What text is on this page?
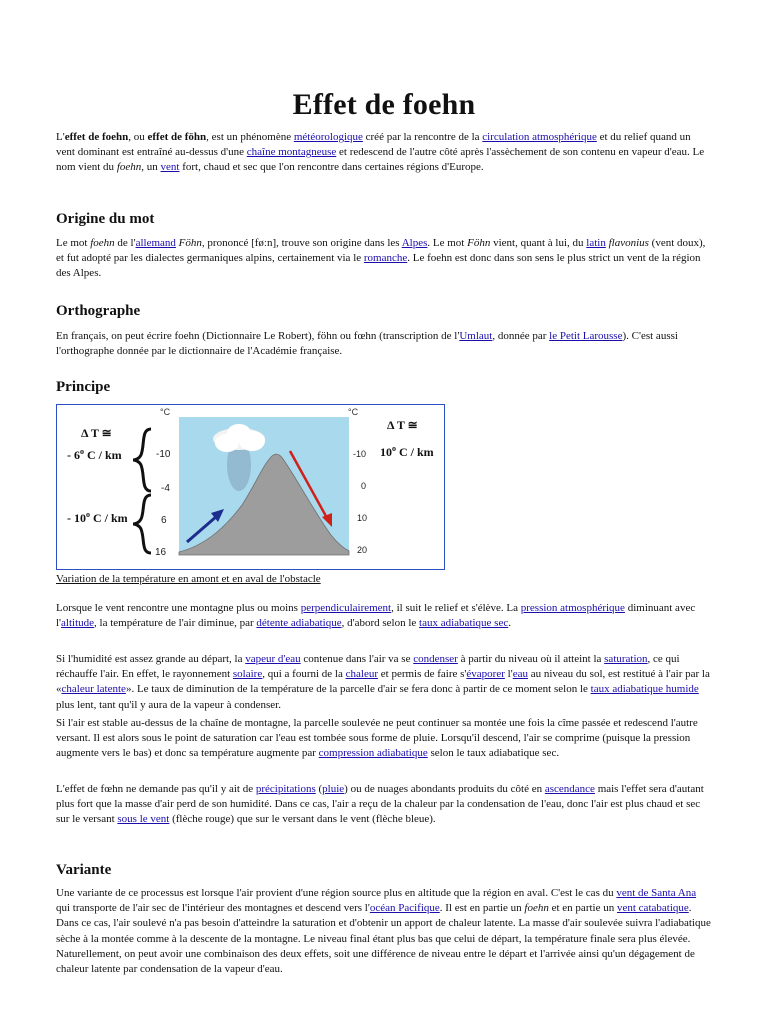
Effet de foehn

L'effet de foehn, ou effet de föhn, est un phénomène météorologique créé par la rencontre de la circulation atmosphérique et du relief quand un vent dominant est entraîné au-dessus d'une chaîne montagneuse et redescend de l'autre côté après l'assèchement de son contenu en vapeur d'eau. Le nom vient du foehn, un vent fort, chaud et sec que l'on rencontre dans certaines régions d'Europe.

Origine du mot

Le mot foehn de l'allemand Föhn, prononcé [føːn], trouve son origine dans les Alpes. Le mot Föhn vient, quant à lui, du latin flavonius (vent doux), et fut adopté par les dialectes germaniques alpins, certainement via le romanche. Le foehn est donc dans son sens le plus strict un vent de la région des Alpes.

Orthographe

En français, on peut écrire foehn (Dictionnaire Le Robert), föhn ou fœhn (transcription de l'Umlaut, donnée par le Petit Larousse). C'est aussi l'orthographe donnée par le dictionnaire de l'Académie française.

Principe
°C	°C
Δ T ≅
- 6$^o$ C / km
- 10$^o$ C / km
-10
-4
6
16
-10
0
10
20
Δ T ≅
10$^o$ C / km
Variation de la température en amont et en aval de l'obstacle

Lorsque le vent rencontre une montagne plus ou moins perpendiculairement, il suit le relief et s'élève. La pression atmosphérique diminuant avec l'altitude, la température de l'air diminue, par détente adiabatique, d'abord selon le taux adiabatique sec.

Si l'humidité est assez grande au départ, la vapeur d'eau contenue dans l'air va se condenser à partir du niveau où il atteint la saturation, ce qui réchauffe l'air. En effet, le rayonnement solaire, qui a fourni de la chaleur et permis de faire s'évaporer l'eau au niveau du sol, est restitué à l'air par la «chaleur latente». Le taux de diminution de la température de la parcelle d'air se fera donc à partir de ce moment selon le taux adiabatique humide plus lent, tant qu'il y aura de la vapeur à condenser.

Si l'air est stable au-dessus de la chaîne de montagne, la parcelle soulevée ne peut continuer sa montée une fois la cîme passée et redescend l'autre versant. Il est alors sous le point de saturation car l'eau est tombée sous forme de pluie. Lorsqu'il descend, l'air se comprime (puisque la pression augmente vers le bas) et donc sa température augmente par compression adiabatique selon le taux adiabatique sec.

L'effet de fœhn ne demande pas qu'il y ait de précipitations (pluie) ou de nuages abondants produits du côté en ascendance mais l'effet sera d'autant plus fort que la masse d'air perd de son humidité. Dans ce cas, l'air a reçu de la chaleur par la condensation de l'eau, donc l'air est plus chaud et sec sur le versant sous le vent (flèche rouge) que sur le versant dans le vent (flèche bleue).

Variante

Une variante de ce processus est lorsque l'air provient d'une région source plus en altitude que la région en aval. C'est le cas du vent de Santa Ana qui transporte de l'air sec de l'intérieur des montagnes et descend vers l'océan Pacifique. Il est en partie un foehn et en partie un vent catabatique. Dans ce cas, l'air soulevé n'a pas besoin d'atteindre la saturation et d'obtenir un apport de chaleur latente. La masse d'air soulevée suivra l'adiabatique sèche à la montée comme à la descente de la montagne. Le niveau final étant plus bas que celui de départ, la température finale sera plus élevée. Naturellement, on peut avoir une combinaison des deux effets, soit une différence de niveau entre le départ et l'arrivée ainsi qu'un dégagement de chaleur latente par condensation de la vapeur d'eau.
